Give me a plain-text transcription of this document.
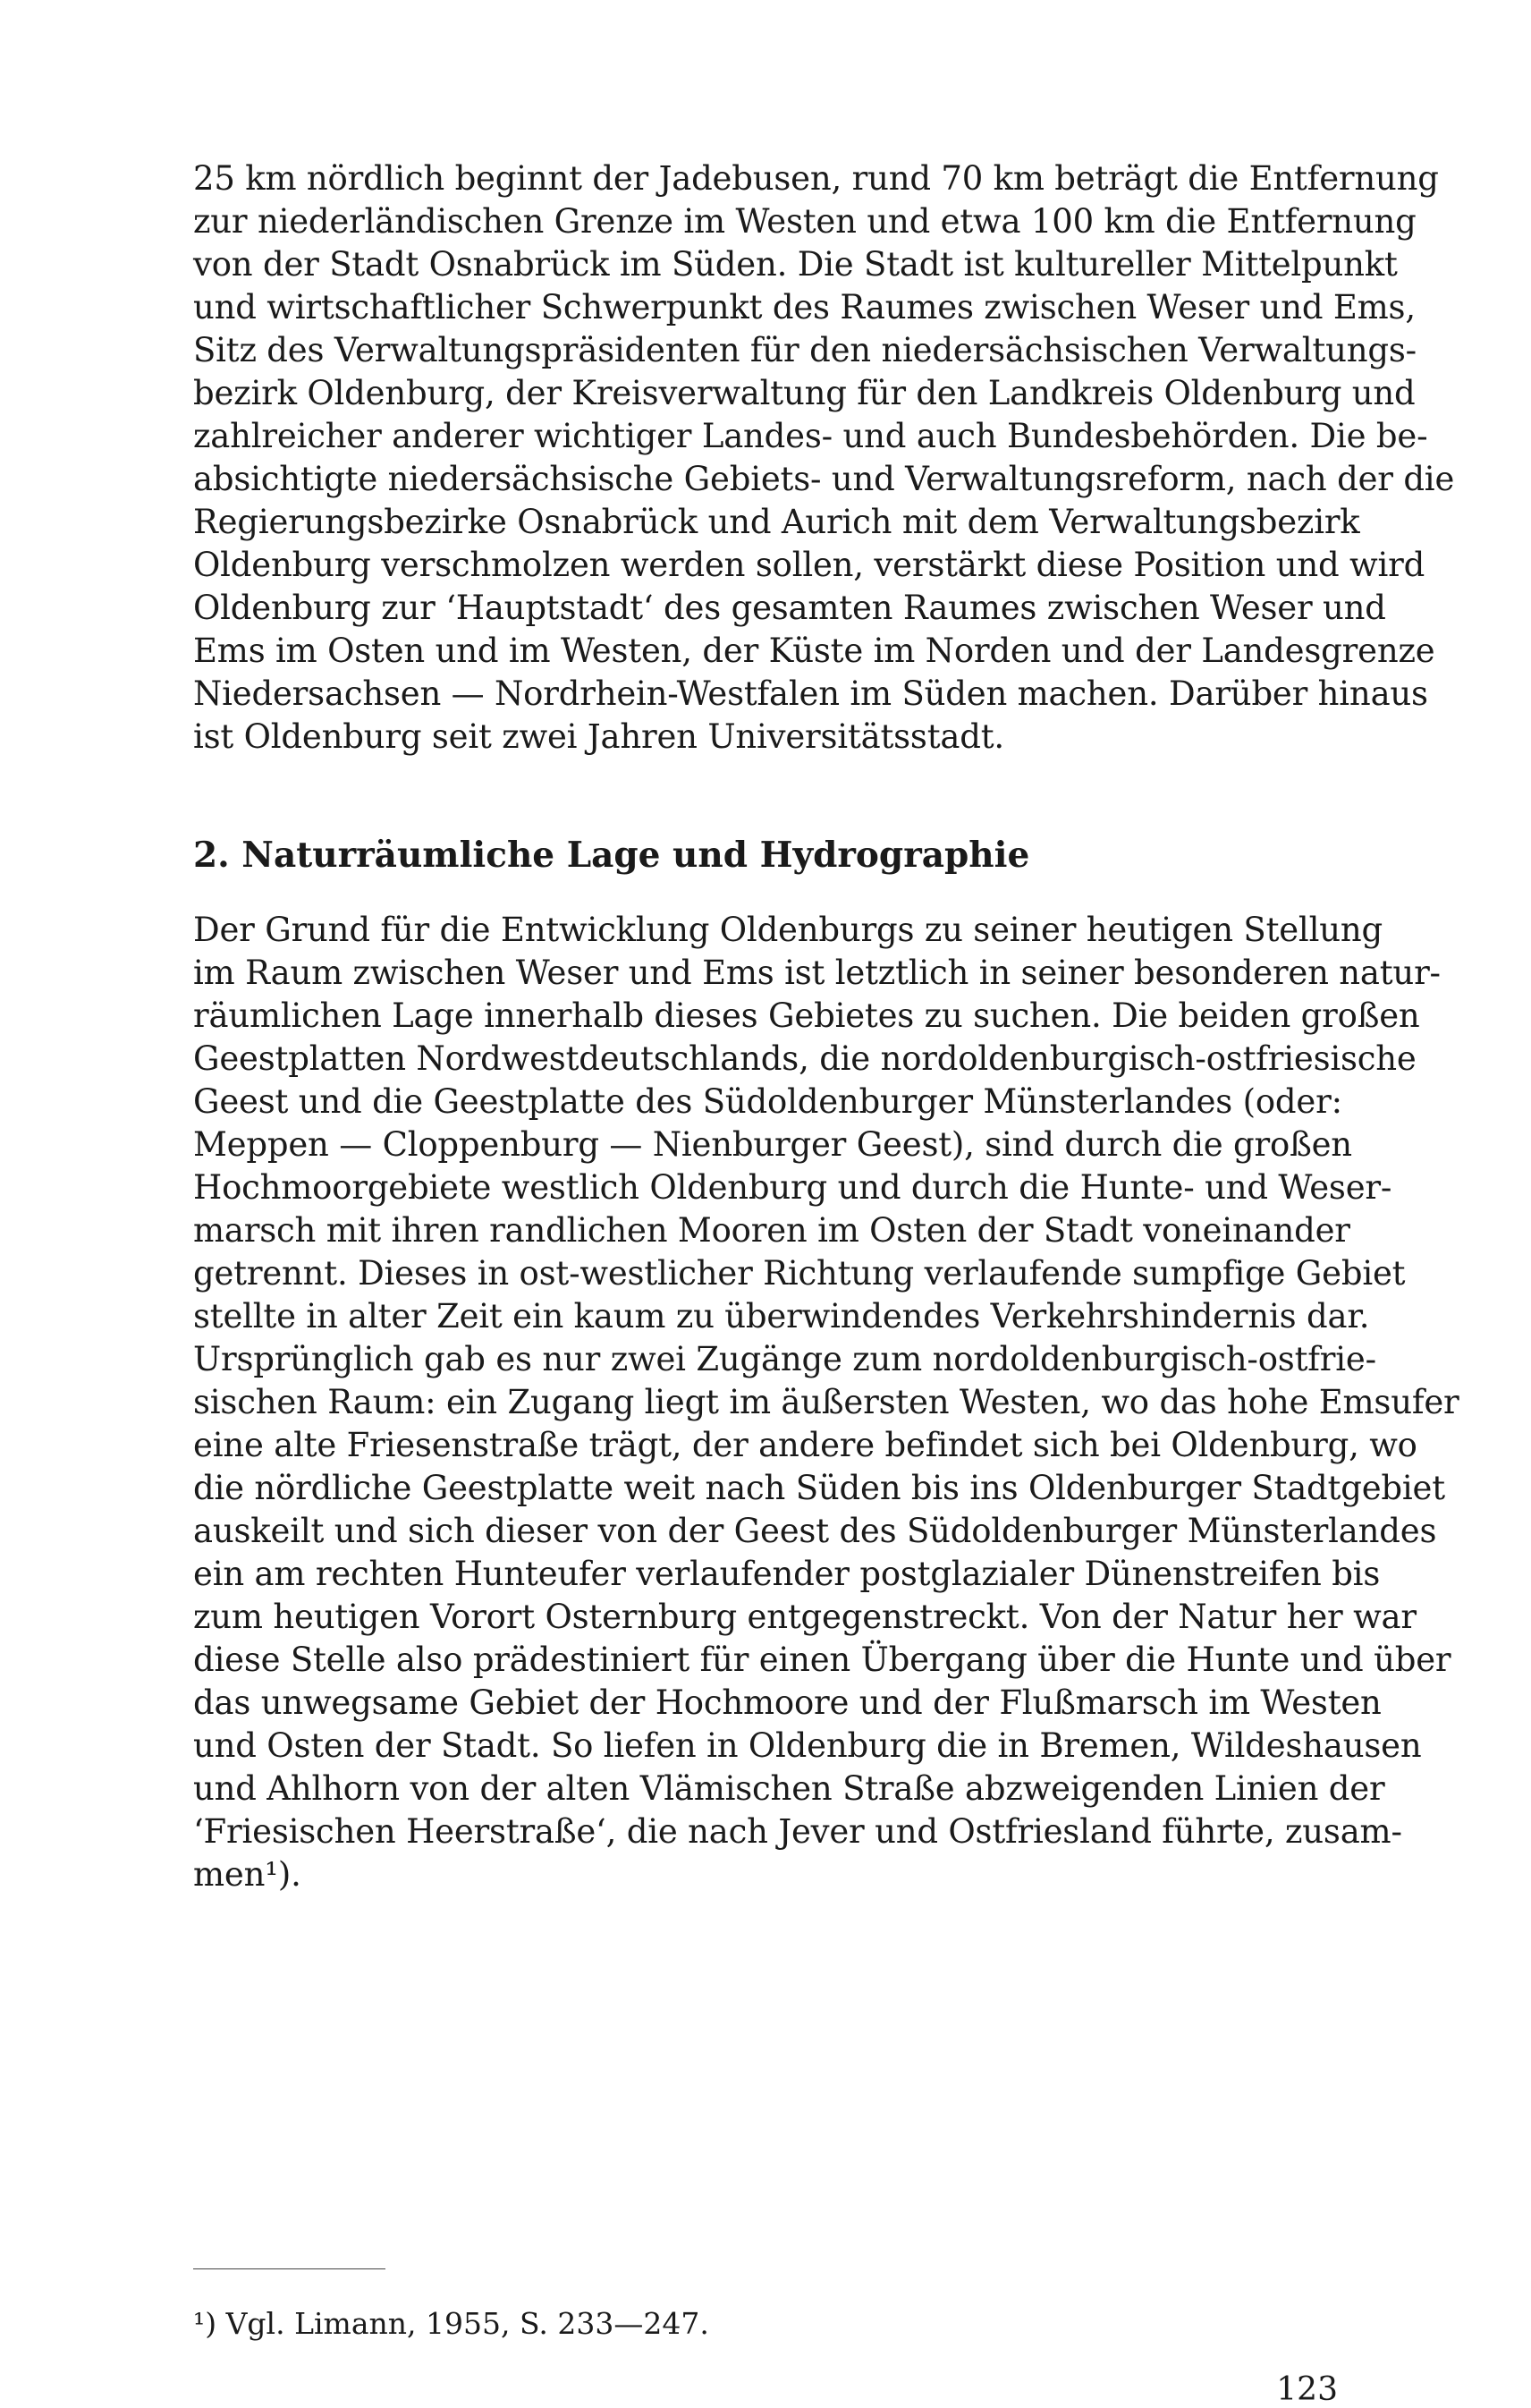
25 km nördlich beginnt der Jadebusen, rund 70 km beträgt die Entfernung
zur niederländischen Grenze im Westen und etwa 100 km die Entfernung
von der Stadt Osnabrück im Süden. Die Stadt ist kultureller Mittelpunkt
und wirtschaftlicher Schwerpunkt des Raumes zwischen Weser und Ems,
Sitz des Verwaltungspräsidenten für den niedersächsischen Verwaltungs-
bezirk Oldenburg, der Kreisverwaltung für den Landkreis Oldenburg und
zahlreicher anderer wichtiger Landes- und auch Bundesbehörden. Die be-
absichtigte niedersächsische Gebiets- und Verwaltungsreform, nach der die
Regierungsbezirke Osnabrück und Aurich mit dem Verwaltungsbezirk
Oldenburg verschmolzen werden sollen, verstärkt diese Position und wird
Oldenburg zur ‘Hauptstadt‘ des gesamten Raumes zwischen Weser und
Ems im Osten und im Westen, der Küste im Norden und der Landesgrenze
Niedersachsen — Nordrhein-Westfalen im Süden machen. Darüber hinaus
ist Oldenburg seit zwei Jahren Universitätsstadt.
2. Naturräumliche Lage und Hydrographie
Der Grund für die Entwicklung Oldenburgs zu seiner heutigen Stellung
im Raum zwischen Weser und Ems ist letztlich in seiner besonderen natur-
räumlichen Lage innerhalb dieses Gebietes zu suchen. Die beiden großen
Geestplatten Nordwestdeutschlands, die nordoldenburgisch-ostfriesische
Geest und die Geestplatte des Südoldenburger Münsterlandes (oder:
Meppen — Cloppenburg — Nienburger Geest), sind durch die großen
Hochmoorgebiete westlich Oldenburg und durch die Hunte- und Weser-
marsch mit ihren randlichen Mooren im Osten der Stadt voneinander
getrennt. Dieses in ost-westlicher Richtung verlaufende sumpfige Gebiet
stellte in alter Zeit ein kaum zu überwindendes Verkehrshindernis dar.
Ursprünglich gab es nur zwei Zugänge zum nordoldenburgisch-ostfrie-
sischen Raum: ein Zugang liegt im äußersten Westen, wo das hohe Emsufer
eine alte Friesenstraße trägt, der andere befindet sich bei Oldenburg, wo
die nördliche Geestplatte weit nach Süden bis ins Oldenburger Stadtgebiet
auskeilt und sich dieser von der Geest des Südoldenburger Münsterlandes
ein am rechten Hunteufer verlaufender postglazialer Dünenstreifen bis
zum heutigen Vorort Osternburg entgegenstreckt. Von der Natur her war
diese Stelle also prädestiniert für einen Übergang über die Hunte und über
das unwegsame Gebiet der Hochmoore und der Flußmarsch im Westen
und Osten der Stadt. So liefen in Oldenburg die in Bremen, Wildeshausen
und Ahlhorn von der alten Vlämischen Straße abzweigenden Linien der
‘Friesischen Heerstraße‘, die nach Jever und Ostfriesland führte, zusam-
men¹).
¹) Vgl. Limann, 1955, S. 233—247.
123
